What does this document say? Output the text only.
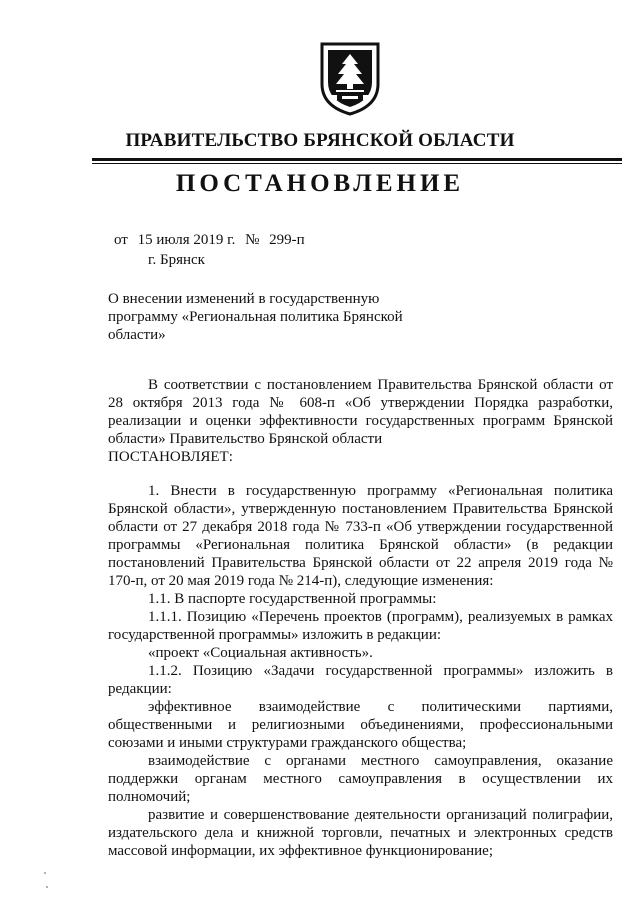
ПРАВИТЕЛЬСТВО БРЯНСКОЙ ОБЛАСТИ
ПОСТАНОВЛЕНИЕ
от 15 июля 2019 г. № 299-п
г. Брянск
О внесении изменений в государственную
программу «Региональная политика Брянской
области»

В соответствии с постановлением Правительства Брянской области от 28 октября 2013 года № 608-п «Об утверждении Порядка разработки, реализации и оценки эффективности государственных программ Брянской области» Правительство Брянской области

ПОСТАНОВЛЯЕТ:

1. Внести в государственную программу «Региональная политика Брянской области», утвержденную постановлением Правительства Брянской области от 27 декабря 2018 года № 733-п «Об утверждении государственной программы «Региональная политика Брянской области» (в редакции постановлений Правительства Брянской области от 22 апреля 2019 года № 170-п, от 20 мая 2019 года № 214-п), следующие изменения:

1.1. В паспорте государственной программы:

1.1.1. Позицию «Перечень проектов (программ), реализуемых в рамках государственной программы» изложить в редакции:

«проект «Социальная активность».

1.1.2. Позицию «Задачи государственной программы» изложить в редакции:

эффективное взаимодействие с политическими партиями, общественными и религиозными объединениями, профессиональными союзами и иными структурами гражданского общества;

взаимодействие с органами местного самоуправления, оказание поддержки органам местного самоуправления в осуществлении их полномочий;

развитие и совершенствование деятельности организаций полиграфии, издательского дела и книжной торговли, печатных и электронных средств массовой информации, их эффективное функционирование;
